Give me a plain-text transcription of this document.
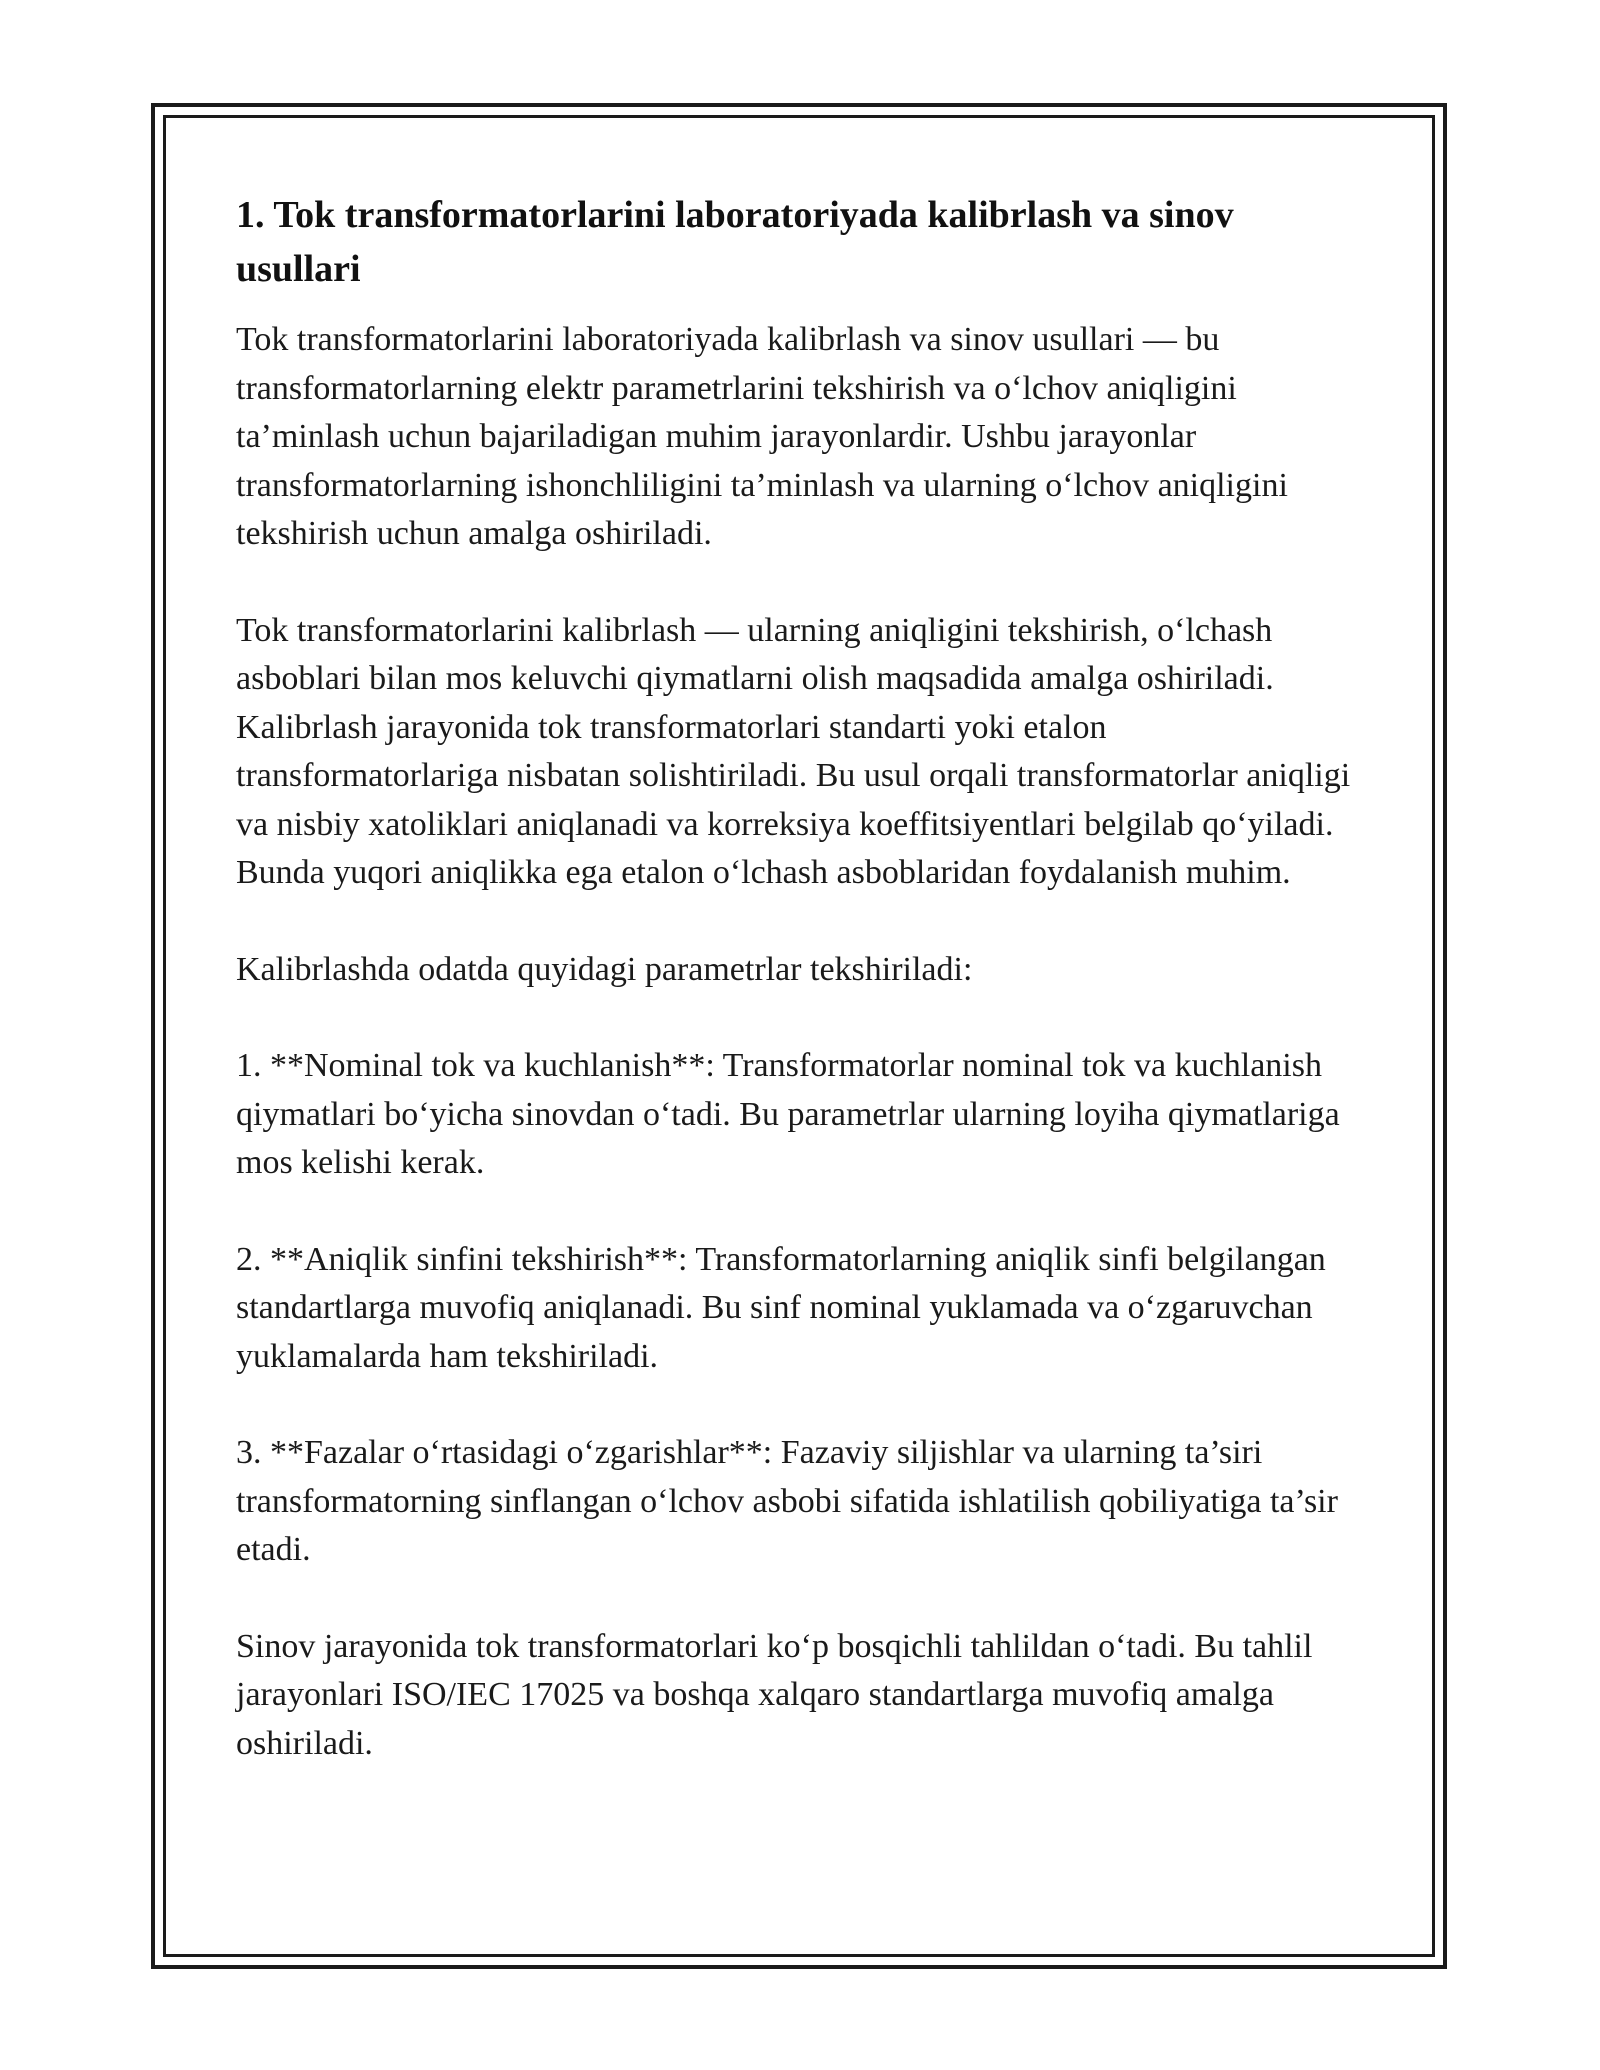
1. Tok transformatorlarini laboratoriyada kalibrlash va sinov usullari

Tok transformatorlarini laboratoriyada kalibrlash va sinov usullari — bu transformatorlarning elektr parametrlarini tekshirish va o‘lchov aniqligini ta’minlash uchun bajariladigan muhim jarayonlardir. Ushbu jarayonlar transformatorlarning ishonchliligini ta’minlash va ularning o‘lchov aniqligini tekshirish uchun amalga oshiriladi.

Tok transformatorlarini kalibrlash — ularning aniqligini tekshirish, o‘lchash asboblari bilan mos keluvchi qiymatlarni olish maqsadida amalga oshiriladi. Kalibrlash jarayonida tok transformatorlari standarti yoki etalon transformatorlariga nisbatan solishtiriladi. Bu usul orqali transformatorlar aniqligi va nisbiy xatoliklari aniqlanadi va korreksiya koeffitsiyentlari belgilab qo‘yiladi. Bunda yuqori aniqlikka ega etalon o‘lchash asboblaridan foydalanish muhim.

Kalibrlashda odatda quyidagi parametrlar tekshiriladi:

1. **Nominal tok va kuchlanish**: Transformatorlar nominal tok va kuchlanish qiymatlari bo‘yicha sinovdan o‘tadi. Bu parametrlar ularning loyiha qiymatlariga mos kelishi kerak.

2. **Aniqlik sinfini tekshirish**: Transformatorlarning aniqlik sinfi belgilangan standartlarga muvofiq aniqlanadi. Bu sinf nominal yuklamada va o‘zgaruvchan yuklamalarda ham tekshiriladi.

3. **Fazalar o‘rtasidagi o‘zgarishlar**: Fazaviy siljishlar va ularning ta’siri transformatorning sinflangan o‘lchov asbobi sifatida ishlatilish qobiliyatiga ta’sir etadi.

Sinov jarayonida tok transformatorlari ko‘p bosqichli tahlildan o‘tadi. Bu tahlil jarayonlari ISO/IEC 17025 va boshqa xalqaro standartlarga muvofiq amalga oshiriladi.
